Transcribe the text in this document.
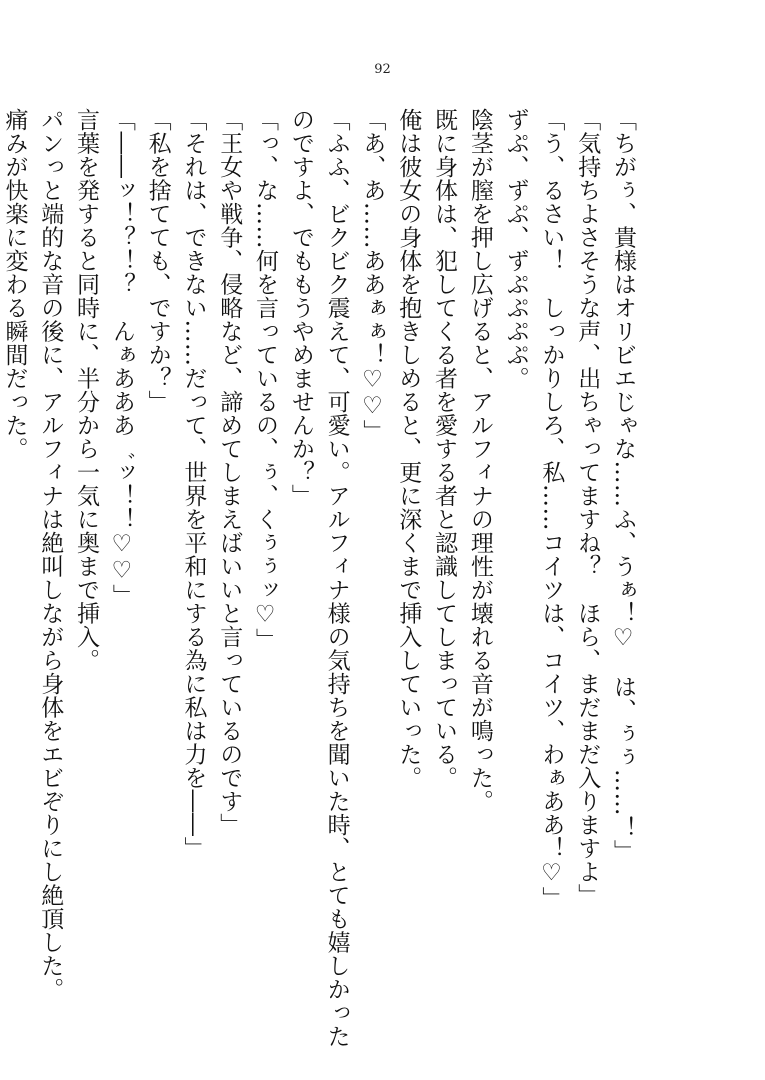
92
「ちがぅ、貴様はオリビエじゃな……ふ、うぁ！♡　は、ぅぅ……！」
「気持ちよさそうな声、出ちゃってますね？　ほら、まだまだ入りますよ」
「う、るさい！　しっかりしろ、私……コイツは、コイツ、わぁああ！♡」
ずぷ、ずぷ、ずぷぷぷぷ。
陰茎が膣を押し広げると、アルフィナの理性が壊れる音が鳴った。
既に身体は、犯してくる者を愛する者と認識してしまっている。
俺は彼女の身体を抱きしめると、更に深くまで挿入していった。
「あ、あ……ああぁぁ！♡♡」
「ふふ、ビクビク震えて、可愛い。アルフィナ様の気持ちを聞いた時、とても嬉しかった
のですよ、でももうやめませんか？」
「っ、な……何を言っているの、ぅ、くぅぅッ♡」
「王女や戦争、侵略など、諦めてしまえばいいと言っているのです」
「それは、できない……だって、世界を平和にする為に私は力を――」
「私を捨てても、ですか？」
「――ッ！？！？　んぁあああ゛ッ！！♡♡」
言葉を発すると同時に、半分から一気に奥まで挿入。
パンっと端的な音の後に、アルフィナは絶叫しながら身体をエビぞりにし絶頂した。
痛みが快楽に変わる瞬間だった。
